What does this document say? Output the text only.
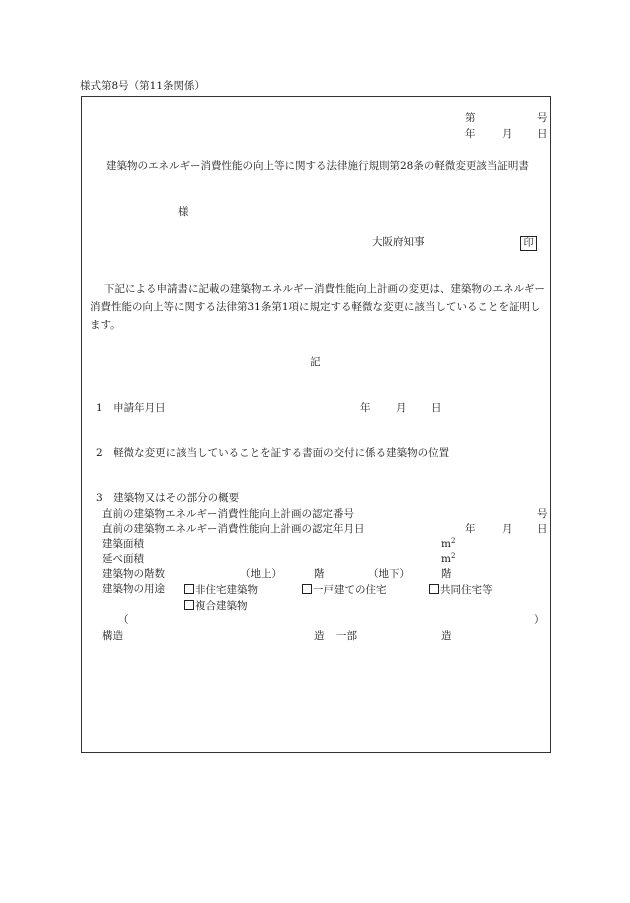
様式第8号（第11条関係）
第	号
年	月 日
建築物のエネルギー消費性能の向上等に関する法律施行規則第28条の軽微変更該当証明書
様
大阪府知事	印
下記による申請書に記載の建築物エネルギー消費性能向上計画の変更は、建築物のエネルギー消費性能の向上等に関する法律第31条第1項に規定する軽微な変更に該当していることを証明します。
記
1　申請年月日	年 月 日
2　軽微な変更に該当していることを証する書面の交付に係る建築物の位置
3　建築物又はその部分の概要
直前の建築物エネルギー消費性能向上計画の認定番号	号
直前の建築物エネルギー消費性能向上計画の認定年月日	年	月 日
建築面積	$m^2$
延べ面積	$m^2$
建築物の階数	（地上）	階	（地下）	階
建築物の用途	非住宅建築物	一戸建ての住宅	共同住宅等
複合建築物
（	）
構造	造 一部	造
